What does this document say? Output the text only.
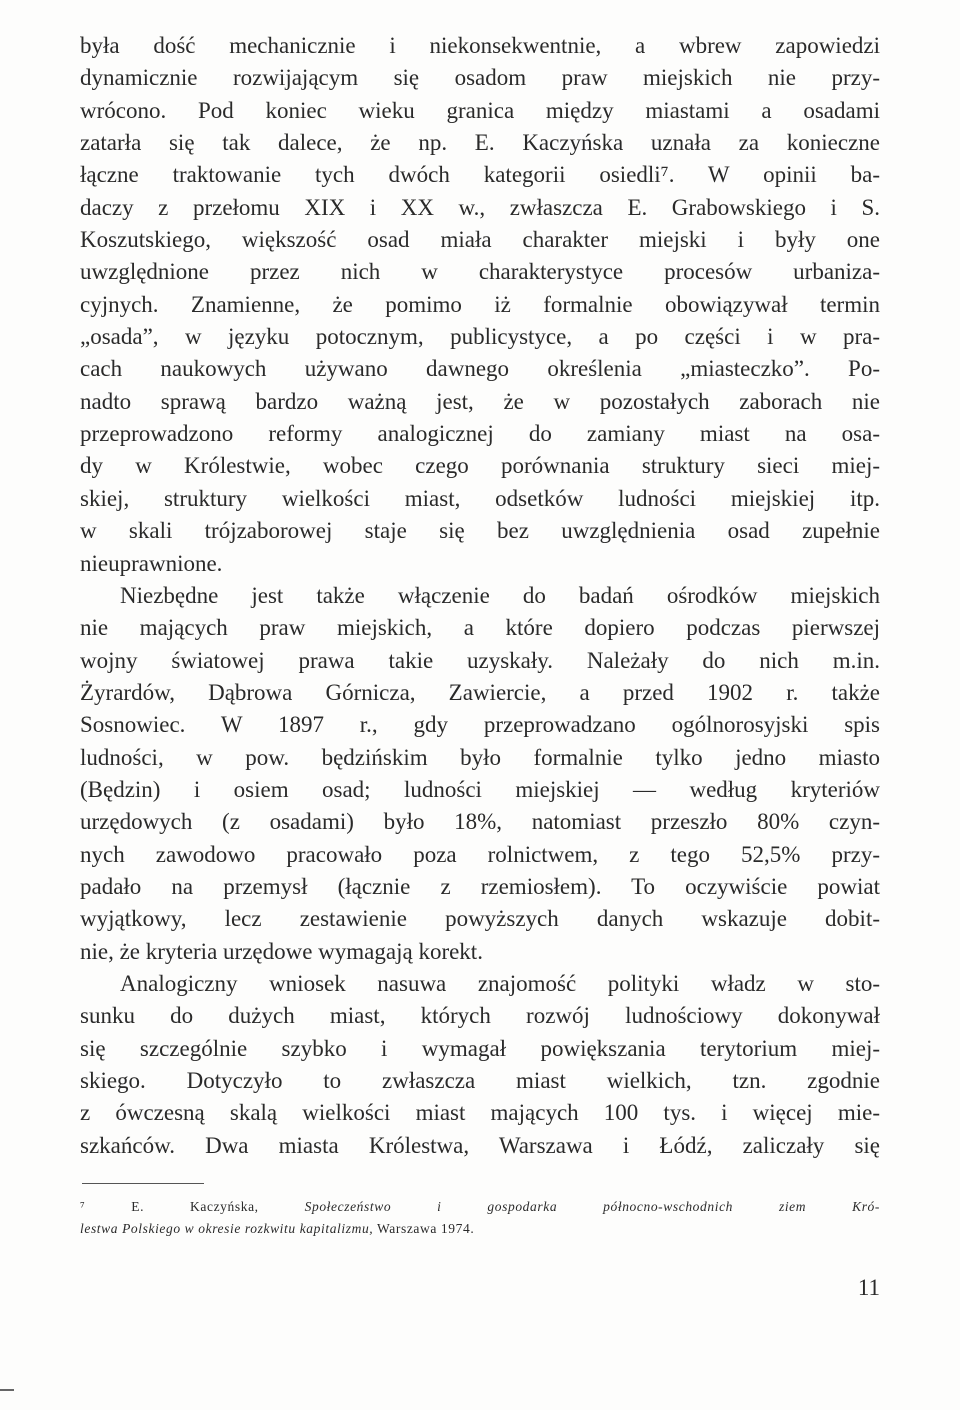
była dość mechanicznie i niekonsekwentnie, a wbrew zapowiedzi
dynamicznie rozwijającym się osadom praw miejskich nie przy-
wrócono. Pod koniec wieku granica między miastami a osadami
zatarła się tak dalece, że np. E. Kaczyńska uznała za konieczne
łączne traktowanie tych dwóch kategorii osiedli⁷. W opinii ba-
daczy z przełomu XIX i XX w., zwłaszcza E. Grabowskiego i S.
Koszutskiego, większość osad miała charakter miejski i były one
uwzględnione przez nich w charakterystyce procesów urbaniza-
cyjnych. Znamienne, że pomimo iż formalnie obowiązywał termin
„osada”, w języku potocznym, publicystyce, a po części i w pra-
cach naukowych używano dawnego określenia „miasteczko”. Po-
nadto sprawą bardzo ważną jest, że w pozostałych zaborach nie
przeprowadzono reformy analogicznej do zamiany miast na osa-
dy w Królestwie, wobec czego porównania struktury sieci miej-
skiej, struktury wielkości miast, odsetków ludności miejskiej itp.
w skali trójzaborowej staje się bez uwzględnienia osad zupełnie
nieuprawnione.
Niezbędne jest także włączenie do badań ośrodków miejskich
nie mających praw miejskich, a które dopiero podczas pierwszej
wojny światowej prawa takie uzyskały. Należały do nich m.in.
Żyrardów, Dąbrowa Górnicza, Zawiercie, a przed 1902 r. także
Sosnowiec. W 1897 r., gdy przeprowadzano ogólnorosyjski spis
ludności, w pow. będzińskim było formalnie tylko jedno miasto
(Będzin) i osiem osad; ludności miejskiej — według kryteriów
urzędowych (z osadami) było 18%, natomiast przeszło 80% czyn-
nych zawodowo pracowało poza rolnictwem, z tego 52,5% przy-
padało na przemysł (łącznie z rzemiosłem). To oczywiście powiat
wyjątkowy, lecz zestawienie powyższych danych wskazuje dobit-
nie, że kryteria urzędowe wymagają korekt.
Analogiczny wniosek nasuwa znajomość polityki władz w sto-
sunku do dużych miast, których rozwój ludnościowy dokonywał
się szczególnie szybko i wymagał powiększania terytorium miej-
skiego. Dotyczyło to zwłaszcza miast wielkich, tzn. zgodnie
z ówczesną skalą wielkości miast mających 100 tys. i więcej mie-
szkańców. Dwa miasta Królestwa, Warszawa i Łódź, zaliczały się
⁷ E. Kaczyńska,	Społeczeństwo i gospodarka północno-wschodnich ziem Kró-
lestwa Polskiego w okresie rozkwitu kapitalizmu, Warszawa 1974.
11
